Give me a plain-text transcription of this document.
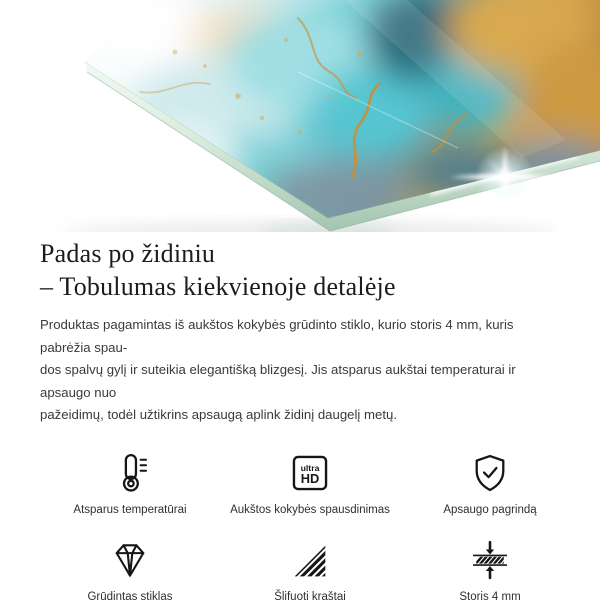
Padas po židiniu
– Tobulumas kiekvienoje detalėje
Produktas pagamintas iš aukštos kokybės grūdinto stiklo, kurio storis 4 mm, kuris pabrėžia spau-
dos spalvų gylį ir suteikia elegantišką blizgesį. Jis atsparus aukštai temperaturai ir apsaugo nuo
pažeidimų, todėl užtikrins apsaugą aplink židinį daugelį metų.
Atsparus temperatūrai
ultra
HD
Aukštos kokybės spausdinimas	Apsaugo pagrindą
Grūdintas stiklas	Šlifuoti kraštai	Storis 4 mm
